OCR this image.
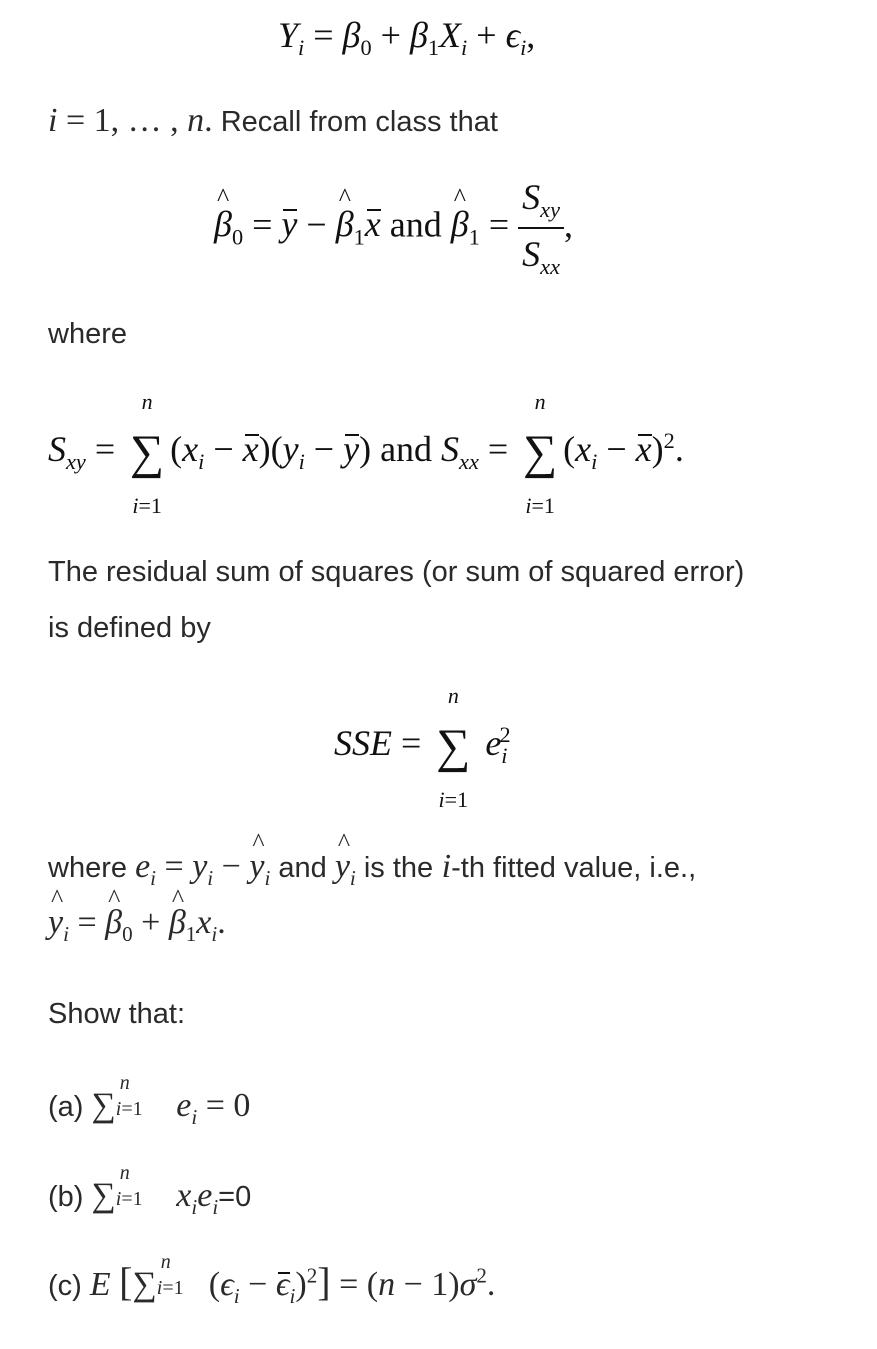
$Y_i = \beta_0 + \beta_1X_i + \epsilon_i$,
i = 1, … , n. Recall from class that
^ $\beta_0 = y$ − ^ $\beta_1x$ and ^ $\beta_1 = \frac{S_{xy}}{S_{xx}}$ ,
where
$S_{xy}$ =
n
∑
i=1
$(x_i - x)(y_i - y)$ and $S_{xx}$ =
n
∑
i=1
$(x_i - x)^2$.
The residual sum of squares (or sum of squared error)
is defined by
SSE =
n
∑
i=1
$e_i^2$
where $e_i = y_i$ − ^ $y_i$ and ^ $y_i$ is the i-th fitted value, i.e.,
^ $y_i$ = ^ $\beta_0$ + ^ $\beta_1x_i$.
Show that:
(a) ∑
n
i=1 $e_i = 0$
(b) ∑
n
i=1 $x_ie_i=0$
(c) E [∑
n
i=1 $(\epsilon_i - \epsilon_i)^2] = (n - 1)\sigma^2$.
